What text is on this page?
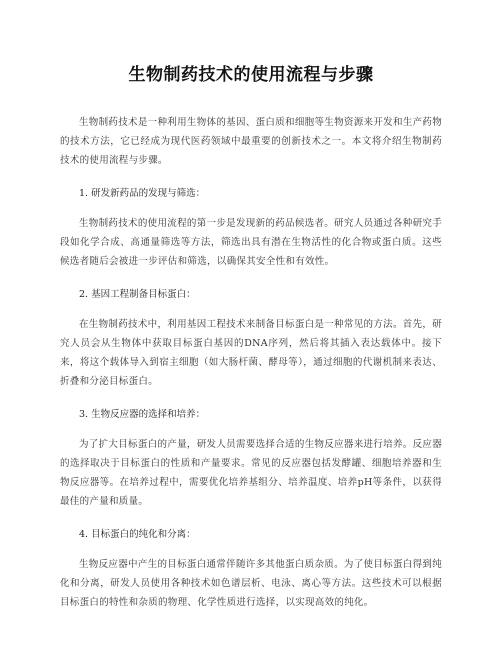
生物制药技术的使用流程与步骤

生物制药技术是一种利用生物体的基因、蛋白质和细胞等生物资源来开发和生产药物的技术方法，它已经成为现代医药领域中最重要的创新技术之一。本文将介绍生物制药技术的使用流程与步骤。

1. 研发新药品的发现与筛选：

生物制药技术的使用流程的第一步是发现新的药品候选者。研究人员通过各种研究手段如化学合成、高通量筛选等方法，筛选出具有潜在生物活性的化合物或蛋白质。这些候选者随后会被进一步评估和筛选，以确保其安全性和有效性。

2. 基因工程制备目标蛋白：

在生物制药技术中，利用基因工程技术来制备目标蛋白是一种常见的方法。首先，研究人员会从生物体中获取目标蛋白基因的DNA序列，然后将其插入表达载体中。接下来，将这个载体导入到宿主细胞（如大肠杆菌、酵母等），通过细胞的代谢机制来表达、折叠和分泌目标蛋白。

3. 生物反应器的选择和培养：

为了扩大目标蛋白的产量，研发人员需要选择合适的生物反应器来进行培养。反应器的选择取决于目标蛋白的性质和产量要求。常见的反应器包括发酵罐、细胞培养器和生物反应器等。在培养过程中，需要优化培养基组分、培养温度、培养pH等条件，以获得最佳的产量和质量。

4. 目标蛋白的纯化和分离：

生物反应器中产生的目标蛋白通常伴随许多其他蛋白质杂质。为了使目标蛋白得到纯化和分离，研发人员使用各种技术如色谱层析、电泳、离心等方法。这些技术可以根据目标蛋白的特性和杂质的物理、化学性质进行选择，以实现高效的纯化。
